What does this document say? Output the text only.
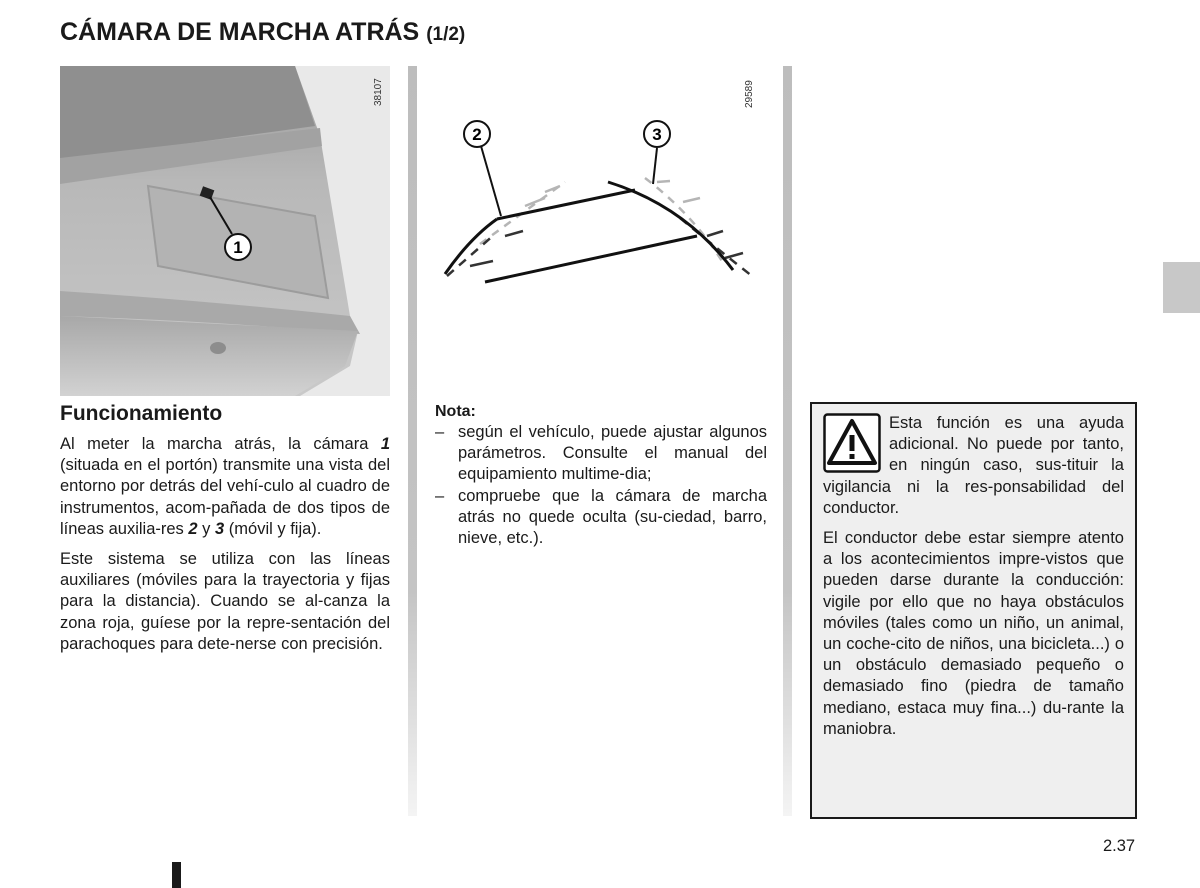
CÁMARA DE MARCHA ATRÁS (1/2)
1
38107
2	3
29589
Funcionamiento

Al meter la marcha atrás, la cámara 1 (situada en el portón) transmite una vista del entorno por detrás del vehí-culo al cuadro de instrumentos, acom-pañada de dos tipos de líneas auxilia-res 2 y 3 (móvil y fija).

Este sistema se utiliza con las líneas auxiliares (móviles para la trayectoria y fijas para la distancia). Cuando se al-canza la zona roja, guíese por la repre-sentación del parachoques para dete-nerse con precisión.

Nota:

– según el vehículo, puede ajustar algunos parámetros. Consulte el manual del equipamiento multime-dia;
– compruebe que la cámara de marcha atrás no quede oculta (su-ciedad, barro, nieve, etc.).

Esta función es una ayuda adicional. No puede por tanto, en ningún caso, sus-tituir la vigilancia ni la res-ponsabilidad del conductor.

El conductor debe estar siempre atento a los acontecimientos impre-vistos que pueden darse durante la conducción: vigile por ello que no haya obstáculos móviles (tales como un niño, un animal, un coche-cito de niños, una bicicleta...) o un obstáculo demasiado pequeño o demasiado fino (piedra de tamaño mediano, estaca muy fina...) du-rante la maniobra.

2.37
